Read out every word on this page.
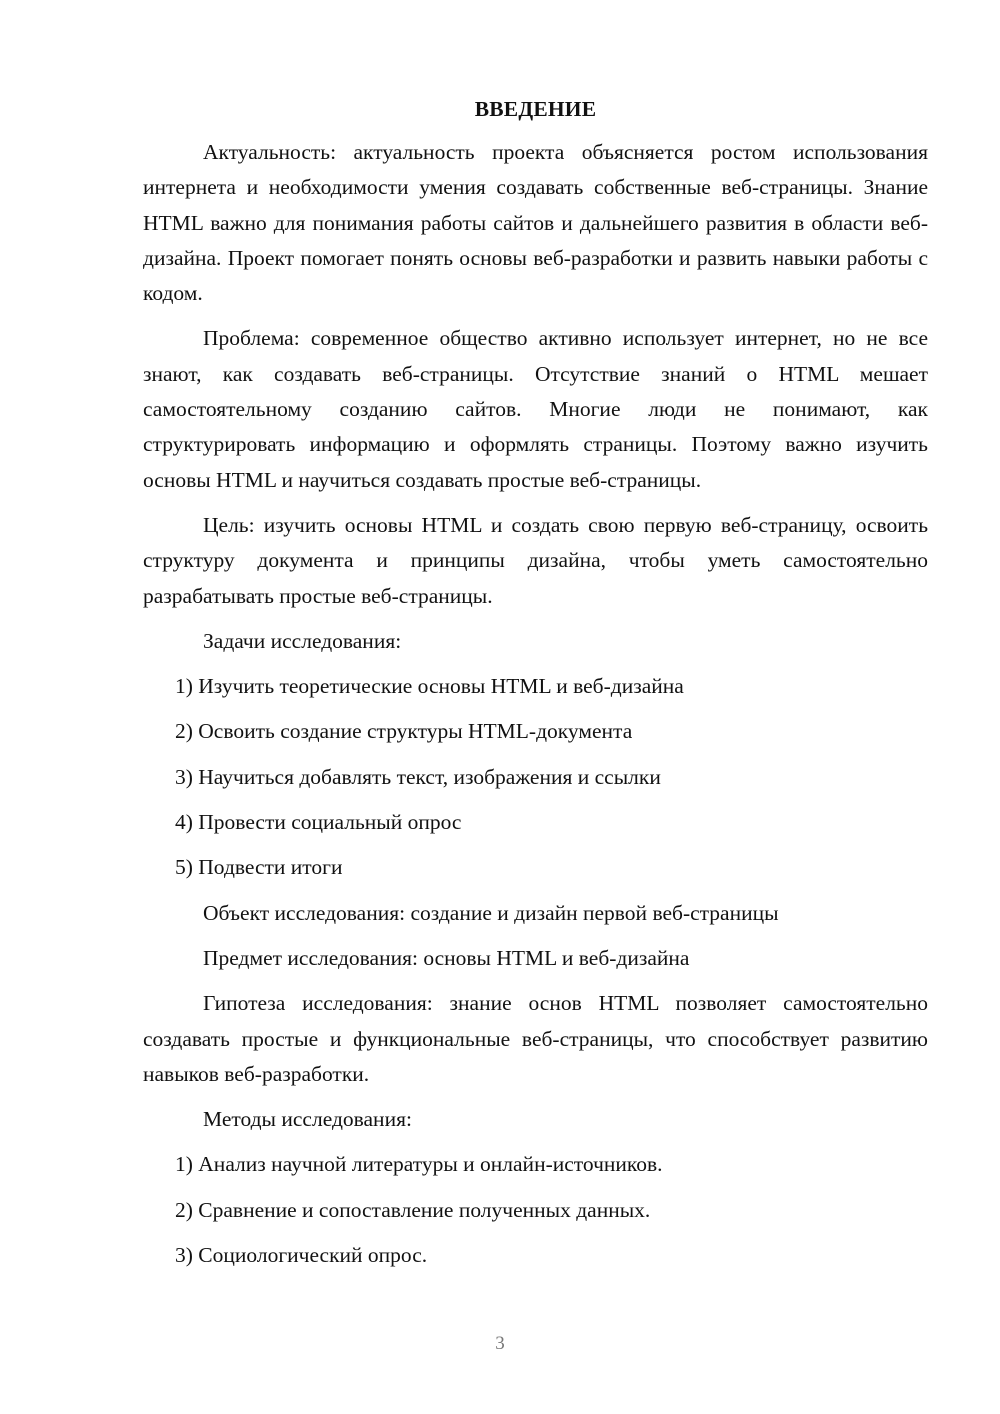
ВВЕДЕНИЕ

Актуальность: актуальность проекта объясняется ростом использования интернета и необходимости умения создавать собственные веб-страницы. Знание HTML важно для понимания работы сайтов и дальнейшего развития в области веб-дизайна. Проект помогает понять основы веб-разработки и развить навыки работы с кодом.

Проблема: современное общество активно использует интернет, но не все знают, как создавать веб-страницы. Отсутствие знаний о HTML мешает самостоятельному созданию сайтов. Многие люди не понимают, как структурировать информацию и оформлять страницы. Поэтому важно изучить основы HTML и научиться создавать простые веб-страницы.

Цель: изучить основы HTML и создать свою первую веб-страницу, освоить структуру документа и принципы дизайна, чтобы уметь самостоятельно разрабатывать простые веб-страницы.

Задачи исследования:

1) Изучить теоретические основы HTML и веб-дизайна

2) Освоить создание структуры HTML-документа

3) Научиться добавлять текст, изображения и ссылки

4) Провести социальный опрос

5) Подвести итоги

Объект исследования: создание и дизайн первой веб-страницы

Предмет исследования: основы HTML и веб-дизайна

Гипотеза исследования: знание основ HTML позволяет самостоятельно создавать простые и функциональные веб-страницы, что способствует развитию навыков веб-разработки.

Методы исследования:

1) Анализ научной литературы и онлайн-источников.

2) Сравнение и сопоставление полученных данных.

3) Социологический опрос.

3
